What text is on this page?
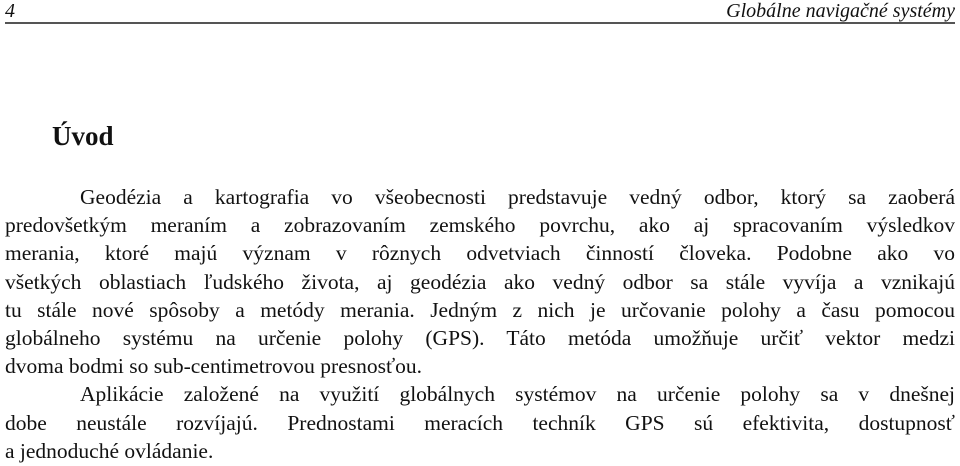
4	Globálne navigačné systémy
Úvod
Geodézia a kartografia vo všeobecnosti predstavuje vedný odbor, ktorý sa zaoberá
predovšetkým meraním a zobrazovaním zemského povrchu, ako aj spracovaním výsledkov
merania, ktoré majú význam v rôznych odvetviach činností človeka. Podobne ako vo
všetkých oblastiach ľudského života, aj geodézia ako vedný odbor sa stále vyvíja a vznikajú
tu stále nové spôsoby a metódy merania. Jedným z nich je určovanie polohy a času pomocou
globálneho systému na určenie polohy (GPS). Táto metóda umožňuje určiť vektor medzi
dvoma bodmi so sub-centimetrovou presnosťou.
Aplikácie založené na využití globálnych systémov na určenie polohy sa v dnešnej
dobe neustále rozvíjajú. Prednostami meracích techník GPS sú efektivita, dostupnosť
a jednoduché ovládanie.
